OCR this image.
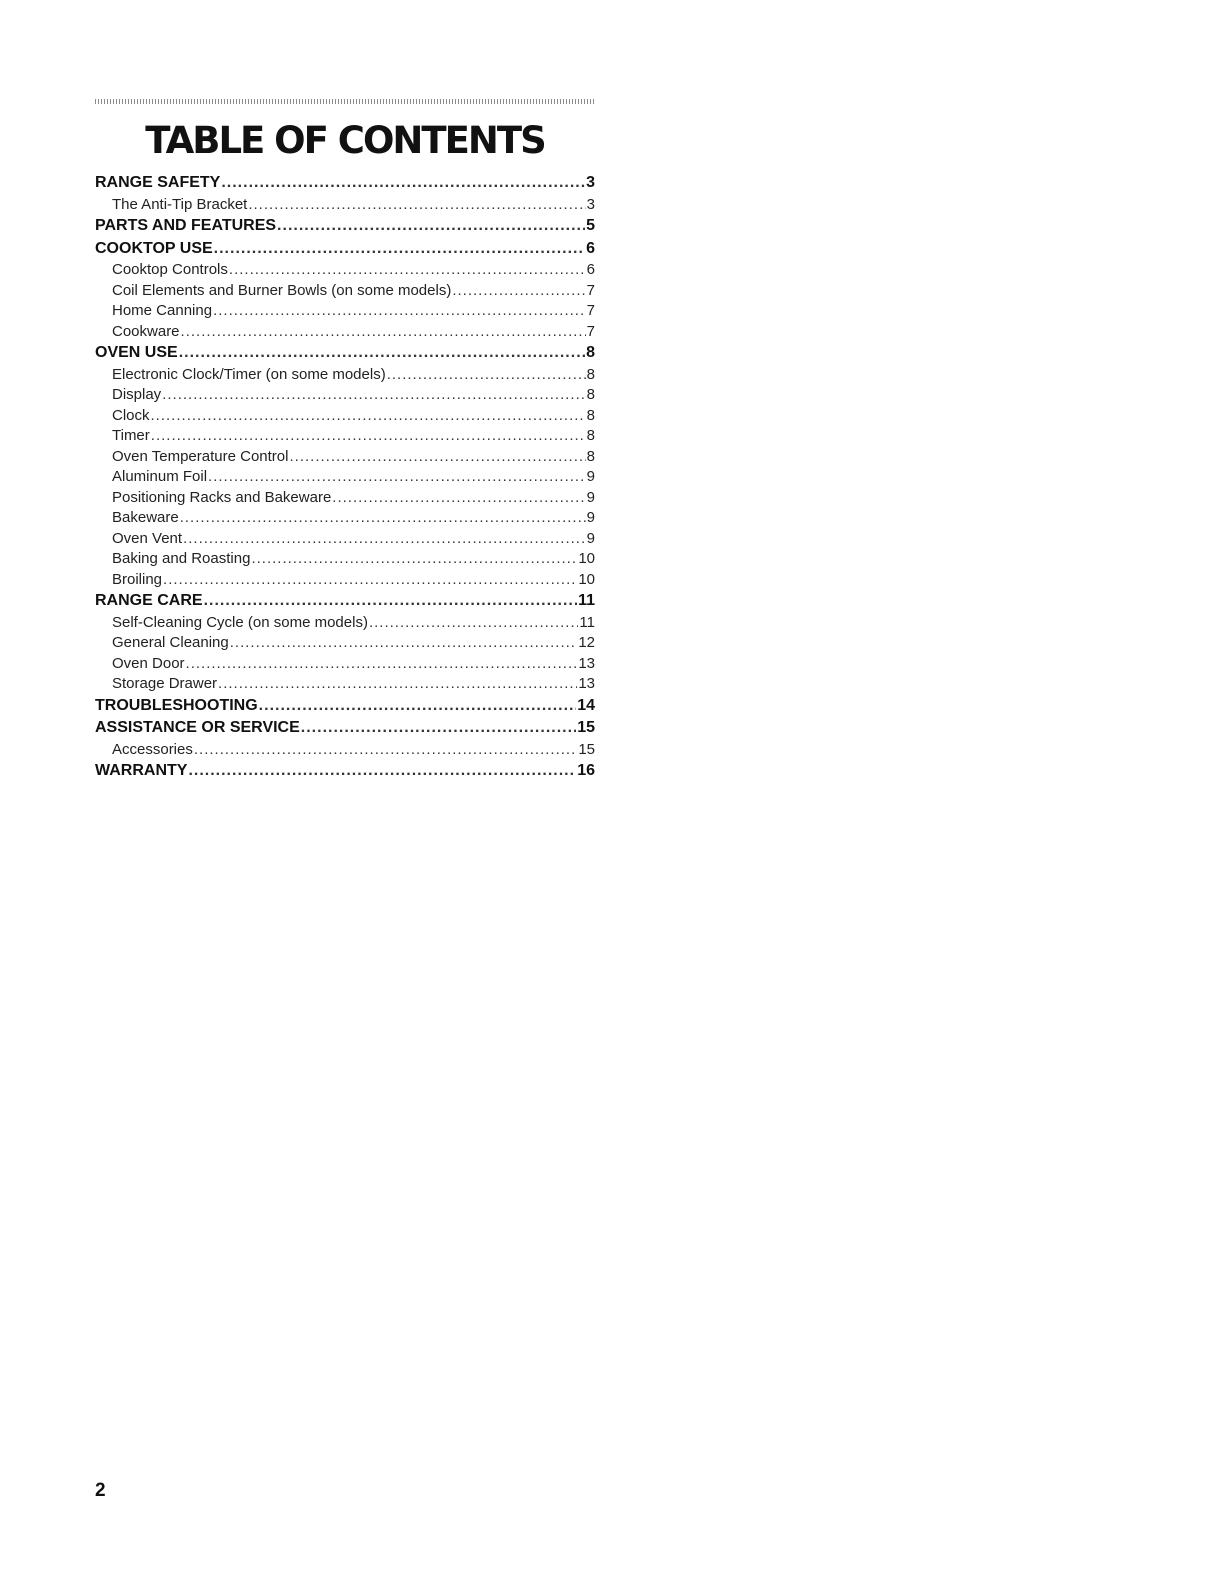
TABLE OF CONTENTS
RANGE SAFETY .....	3
The Anti-Tip Bracket .....	3
PARTS AND FEATURES .....	5
COOKTOP USE .....	6
Cooktop Controls .....	6
Coil Elements and Burner Bowls (on some models) .....	7
Home Canning .....	7
Cookware .....	7
OVEN USE .....	8
Electronic Clock/Timer (on some models) .....	8
Display .....	8
Clock .....	8
Timer .....	8
Oven Temperature Control .....	8
Aluminum Foil .....	9
Positioning Racks and Bakeware .....	9
Bakeware .....	9
Oven Vent .....	9
Baking and Roasting .....	10
Broiling .....	10
RANGE CARE .....	11
Self-Cleaning Cycle (on some models) .....	11
General Cleaning .....	12
Oven Door .....	13
Storage Drawer .....	13
TROUBLESHOOTING .....	14
ASSISTANCE OR SERVICE .....	15
Accessories .....	15
WARRANTY .....	16
2
